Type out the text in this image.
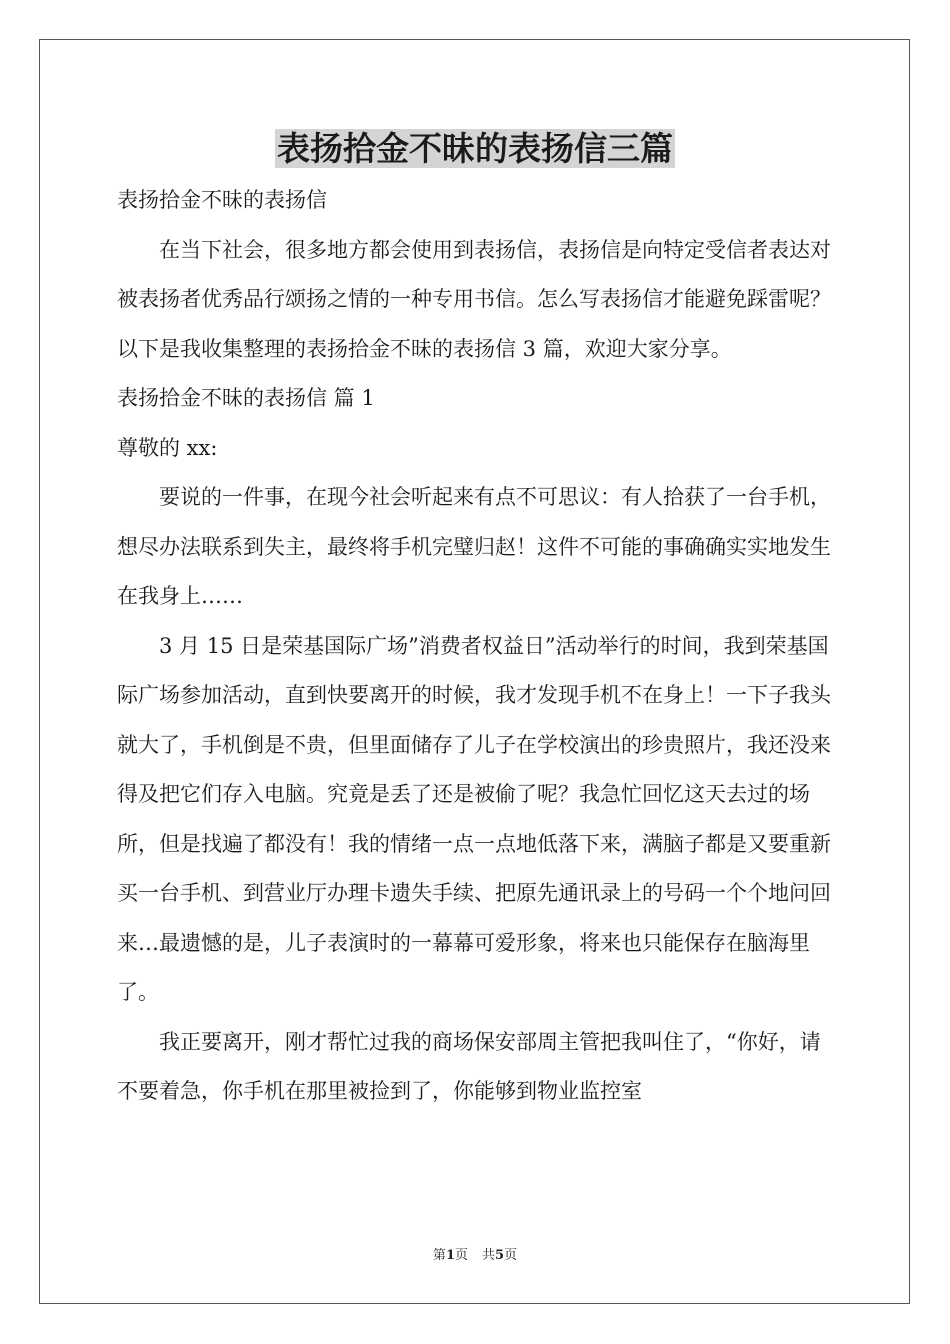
表扬拾金不昧的表扬信三篇

表扬拾金不昧的表扬信

在当下社会，很多地方都会使用到表扬信，表扬信是向特定受信者表达对被表扬者优秀品行颂扬之情的一种专用书信。怎么写表扬信才能避免踩雷呢？以下是我收集整理的表扬拾金不昧的表扬信 3 篇，欢迎大家分享。

表扬拾金不昧的表扬信 篇 1

尊敬的 xx:

要说的一件事，在现今社会听起来有点不可思议：有人拾获了一台手机，想尽办法联系到失主，最终将手机完璧归赵！这件不可能的事确确实实地发生在我身上……

3 月 15 日是荣基国际广场”消费者权益日”活动举行的时间，我到荣基国际广场参加活动，直到快要离开的时候，我才发现手机不在身上！一下子我头就大了，手机倒是不贵，但里面储存了儿子在学校演出的珍贵照片，我还没来得及把它们存入电脑。究竟是丢了还是被偷了呢？我急忙回忆这天去过的场所，但是找遍了都没有！我的情绪一点一点地低落下来，满脑子都是又要重新买一台手机、到营业厅办理卡遗失手续、把原先通讯录上的号码一个个地问回来…最遗憾的是，儿子表演时的一幕幕可爱形象，将来也只能保存在脑海里了。

我正要离开，刚才帮忙过我的商场保安部周主管把我叫住了，“你好，请不要着急，你手机在那里被捡到了，你能够到物业监控室

第1页 共5页
